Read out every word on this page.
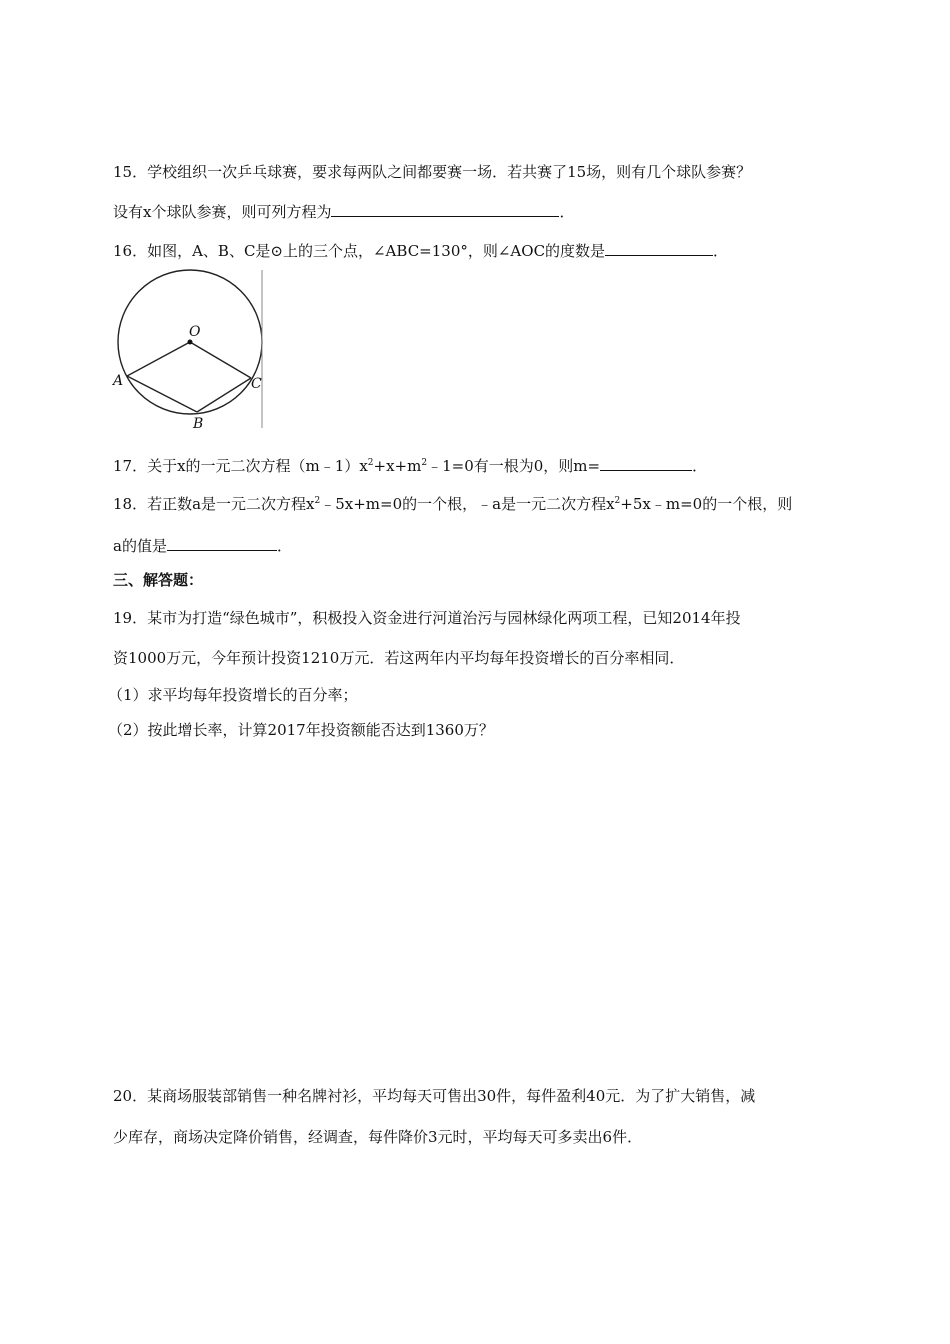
15．学校组织一次乒乓球赛，要求每两队之间都要赛一场．若共赛了15场，则有几个球队参赛？
设有x个球队参赛，则可列方程为	．
16．如图，A、B、C是⊙上的三个点，∠ABC=130°，则∠AOC的度数是	．
O
A
B
C
17．关于x的一元二次方程$(m﹣1)x^2+x+m^2﹣1=0$有一根为0，则m=	．
18．若正数a是一元二次方程$x^2﹣5x+m=0$的一个根，﹣a是一元二次方程$x^2+5x﹣m=0$的一个根，则
a的值是	．
三、解答题：
19．某市为打造“绿色城市”，积极投入资金进行河道治污与园林绿化两项工程，已知2014年投
资1000万元，今年预计投资1210万元．若这两年内平均每年投资增长的百分率相同．
（1）求平均每年投资增长的百分率；
（2）按此增长率，计算2017年投资额能否达到1360万？
20．某商场服装部销售一种名牌衬衫，平均每天可售出30件，每件盈利40元．为了扩大销售，减
少库存，商场决定降价销售，经调查，每件降价3元时，平均每天可多卖出6件．
